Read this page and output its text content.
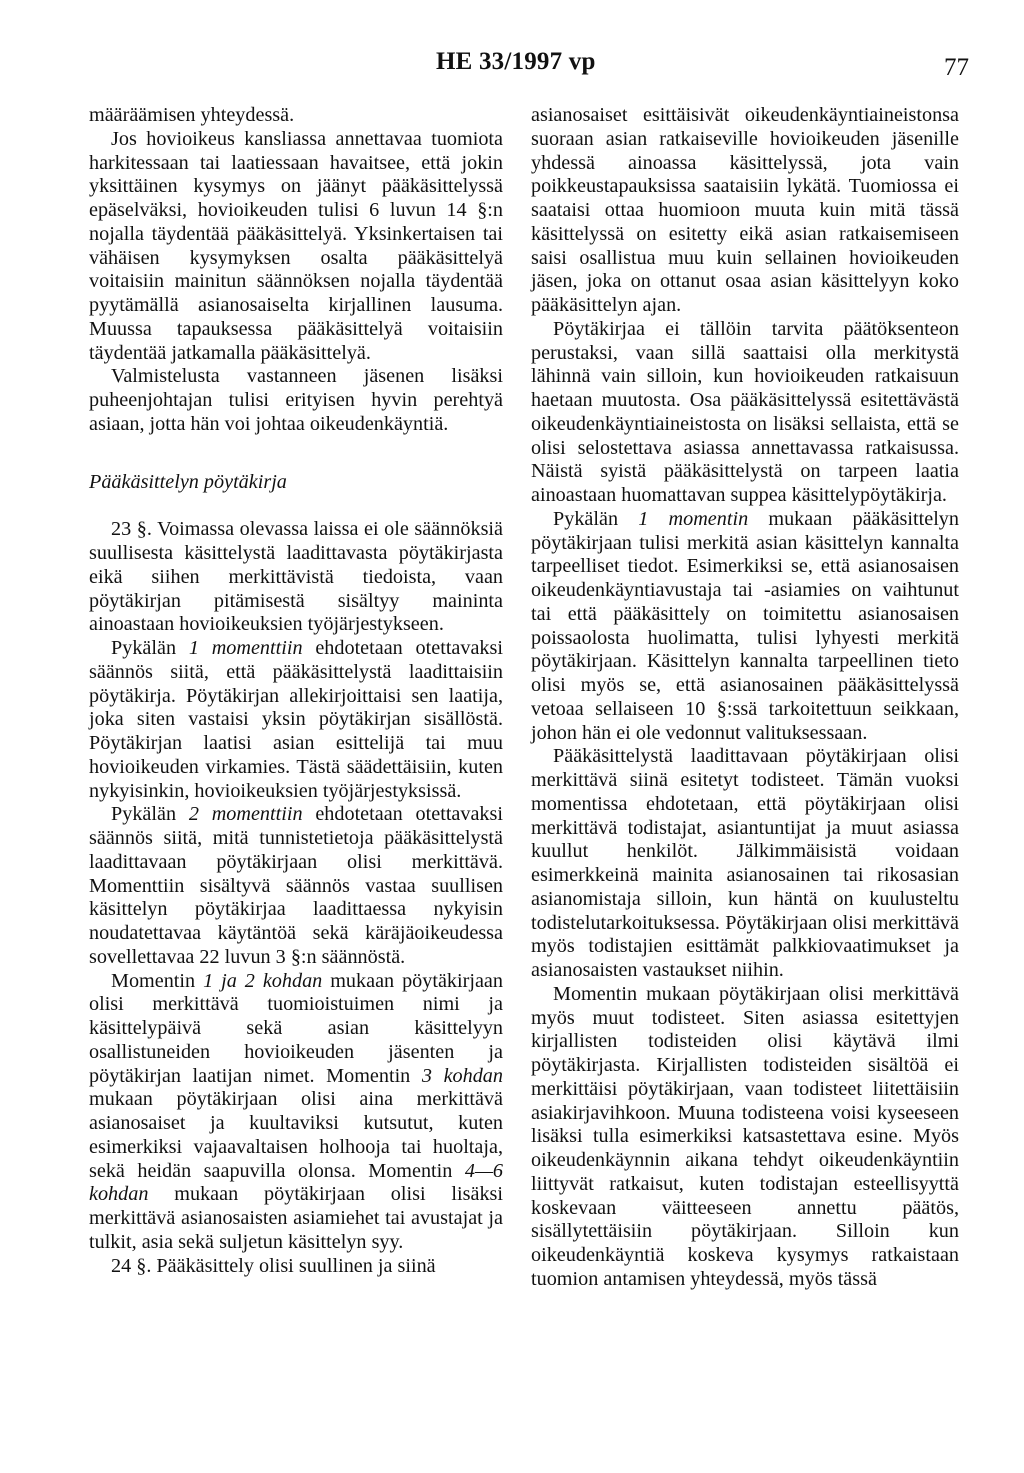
HE 33/1997 vp	77

määräämisen yhteydessä.

Jos hovioikeus kansliassa annettavaa tuomiota harkitessaan tai laatiessaan havaitsee, että jokin yksittäinen kysymys on jäänyt pääkäsittelyssä epäselväksi, hovioikeuden tulisi 6 luvun 14 §:n nojalla täydentää pääkäsittelyä. Yksinkertaisen tai vähäisen kysymyksen osalta pääkäsittelyä voitaisiin mainitun säännöksen nojalla täydentää pyytämällä asianosaiselta kirjallinen lausuma. Muussa tapauksessa pääkäsittelyä voitaisiin täydentää jatkamalla pääkäsittelyä.

Valmistelusta vastanneen jäsenen lisäksi puheenjohtajan tulisi erityisen hyvin perehtyä asiaan, jotta hän voi johtaa oikeudenkäyntiä.

Pääkäsittelyn pöytäkirja

23 §. Voimassa olevassa laissa ei ole säännöksiä suullisesta käsittelystä laadittavasta pöytäkirjasta eikä siihen merkittävistä tiedoista, vaan pöytäkirjan pitämisestä sisältyy maininta ainoastaan hovioikeuksien työjärjestykseen.

Pykälän 1 momenttiin ehdotetaan otettavaksi säännös siitä, että pääkäsittelystä laadittaisiin pöytäkirja. Pöytäkirjan allekirjoittaisi sen laatija, joka siten vastaisi yksin pöytäkirjan sisällöstä. Pöytäkirjan laatisi asian esittelijä tai muu hovioikeuden virkamies. Tästä säädettäisiin, kuten nykyisinkin, hovioikeuksien työjärjestyksissä.

Pykälän 2 momenttiin ehdotetaan otettavaksi säännös siitä, mitä tunnistetietoja pääkäsittelystä laadittavaan pöytäkirjaan olisi merkittävä. Momenttiin sisältyvä säännös vastaa suullisen käsittelyn pöytäkirjaa laadittaessa nykyisin noudatettavaa käytäntöä sekä käräjäoikeudessa sovellettavaa 22 luvun 3 §:n säännöstä.

Momentin 1 ja 2 kohdan mukaan pöytäkirjaan olisi merkittävä tuomioistuimen nimi ja käsittelypäivä sekä asian käsittelyyn osallistuneiden hovioikeuden jäsenten ja pöytäkirjan laatijan nimet. Momentin 3 kohdan mukaan pöytäkirjaan olisi aina merkittävä asianosaiset ja kuultaviksi kutsutut, kuten esimerkiksi vajaavaltaisen holhooja tai huoltaja, sekä heidän saapuvilla olonsa. Momentin 4—6 kohdan mukaan pöytäkirjaan olisi lisäksi merkittävä asianosaisten asiamiehet tai avustajat ja tulkit, asia sekä suljetun käsittelyn syy.

24 §. Pääkäsittely olisi suullinen ja siinä

asianosaiset esittäisivät oikeudenkäyntiaineistonsa suoraan asian ratkaiseville hovioikeuden jäsenille yhdessä ainoassa käsittelyssä, jota vain poikkeustapauksissa saataisiin lykätä. Tuomiossa ei saataisi ottaa huomioon muuta kuin mitä tässä käsittelyssä on esitetty eikä asian ratkaisemiseen saisi osallistua muu kuin sellainen hovioikeuden jäsen, joka on ottanut osaa asian käsittelyyn koko pääkäsittelyn ajan.

Pöytäkirjaa ei tällöin tarvita päätöksenteon perustaksi, vaan sillä saattaisi olla merkitystä lähinnä vain silloin, kun hovioikeuden ratkaisuun haetaan muutosta. Osa pääkäsittelyssä esitettävästä oikeudenkäyntiaineistosta on lisäksi sellaista, että se olisi selostettava asiassa annettavassa ratkaisussa. Näistä syistä pääkäsittelystä on tarpeen laatia ainoastaan huomattavan suppea käsittelypöytäkirja.

Pykälän 1 momentin mukaan pääkäsittelyn pöytäkirjaan tulisi merkitä asian käsittelyn kannalta tarpeelliset tiedot. Esimerkiksi se, että asianosaisen oikeudenkäyntiavustaja tai -asiamies on vaihtunut tai että pääkäsittely on toimitettu asianosaisen poissaolosta huolimatta, tulisi lyhyesti merkitä pöytäkirjaan. Käsittelyn kannalta tarpeellinen tieto olisi myös se, että asianosainen pääkäsittelyssä vetoaa sellaiseen 10 §:ssä tarkoitettuun seikkaan, johon hän ei ole vedonnut valituksessaan.

Pääkäsittelystä laadittavaan pöytäkirjaan olisi merkittävä siinä esitetyt todisteet. Tämän vuoksi momentissa ehdotetaan, että pöytäkirjaan olisi merkittävä todistajat, asiantuntijat ja muut asiassa kuullut henkilöt. Jälkimmäisistä voidaan esimerkkeinä mainita asianosainen tai rikosasian asianomistaja silloin, kun häntä on kuulusteltu todistelutarkoituksessa. Pöytäkirjaan olisi merkittävä myös todistajien esittämät palkkiovaatimukset ja asianosaisten vastaukset niihin.

Momentin mukaan pöytäkirjaan olisi merkittävä myös muut todisteet. Siten asiassa esitettyjen kirjallisten todisteiden olisi käytävä ilmi pöytäkirjasta. Kirjallisten todisteiden sisältöä ei merkittäisi pöytäkirjaan, vaan todisteet liitettäisiin asiakirjavihkoon. Muuna todisteena voisi kyseeseen lisäksi tulla esimerkiksi katsastettava esine. Myös oikeudenkäynnin aikana tehdyt oikeudenkäyntiin liittyvät ratkaisut, kuten todistajan esteellisyyttä koskevaan väitteeseen annettu päätös, sisällytettäisiin pöytäkirjaan. Silloin kun oikeudenkäyntiä koskeva kysymys ratkaistaan tuomion antamisen yhteydessä, myös tässä
